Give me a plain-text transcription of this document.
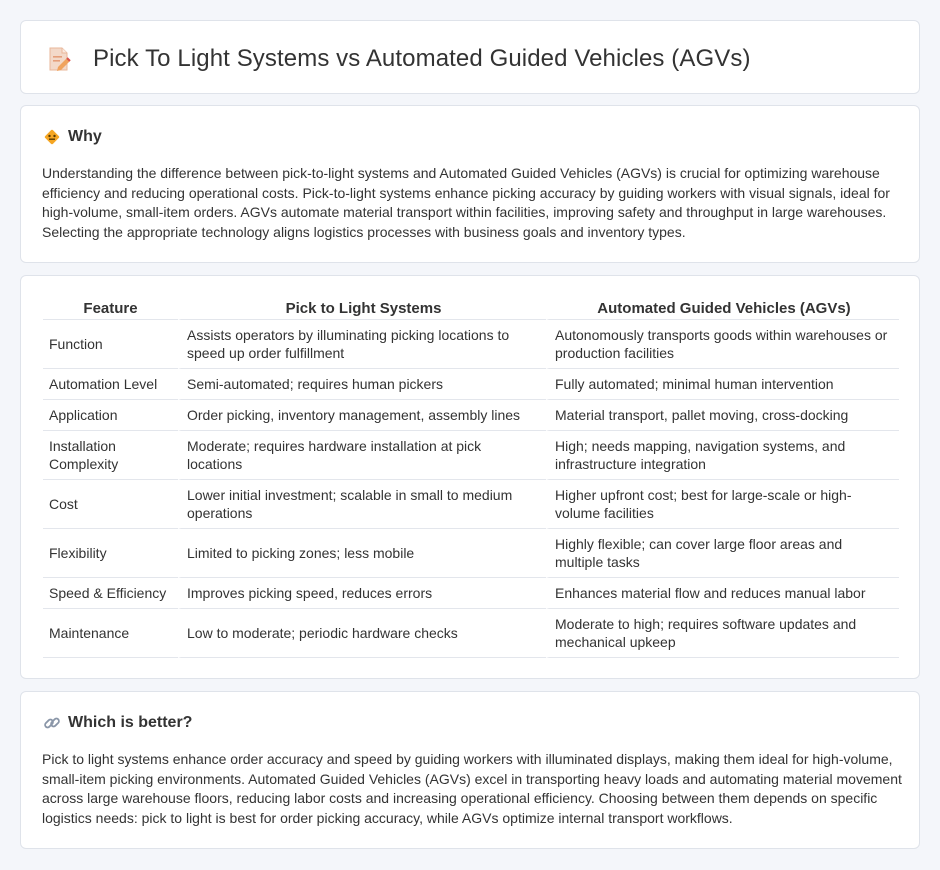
Pick To Light Systems vs Automated Guided Vehicles (AGVs)
Why

Understanding the difference between pick-to-light systems and Automated Guided Vehicles (AGVs) is crucial for optimizing warehouse efficiency and reducing operational costs. Pick-to-light systems enhance picking accuracy by guiding workers with visual signals, ideal for high-volume, small-item orders. AGVs automate material transport within facilities, improving safety and throughput in large warehouses. Selecting the appropriate technology aligns logistics processes with business goals and inventory types.

Feature	Pick to Light Systems	Automated Guided Vehicles (AGVs)
Function	Assists operators by illuminating picking locations to speed up order fulfillment	Autonomously transports goods within warehouses or production facilities
Automation Level	Semi-automated; requires human pickers	Fully automated; minimal human intervention
Application	Order picking, inventory management, assembly lines	Material transport, pallet moving, cross-docking
Installation Complexity	Moderate; requires hardware installation at pick locations	High; needs mapping, navigation systems, and infrastructure integration
Cost	Lower initial investment; scalable in small to medium operations	Higher upfront cost; best for large-scale or high-volume facilities
Flexibility	Limited to picking zones; less mobile	Highly flexible; can cover large floor areas and multiple tasks
Speed & Efficiency	Improves picking speed, reduces errors	Enhances material flow and reduces manual labor
Maintenance	Low to moderate; periodic hardware checks	Moderate to high; requires software updates and mechanical upkeep
Which is better?

Pick to light systems enhance order accuracy and speed by guiding workers with illuminated displays, making them ideal for high-volume, small-item picking environments. Automated Guided Vehicles (AGVs) excel in transporting heavy loads and automating material movement across large warehouse floors, reducing labor costs and increasing operational efficiency. Choosing between them depends on specific logistics needs: pick to light is best for order picking accuracy, while AGVs optimize internal transport workflows.
